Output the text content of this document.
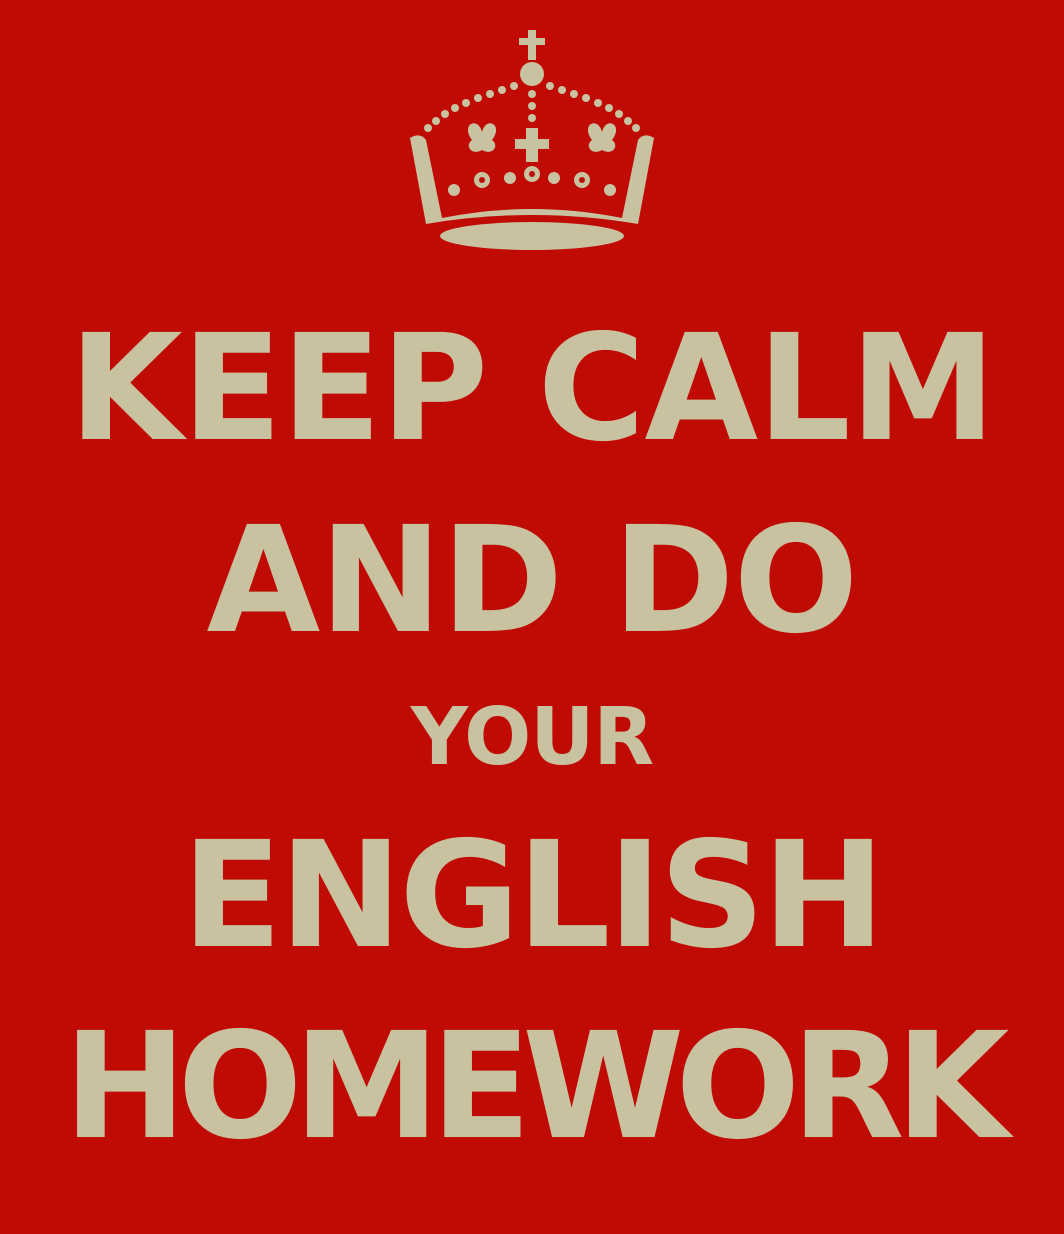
KEEP CALM
AND DO
YOUR
ENGLISH
HOMEWORK
